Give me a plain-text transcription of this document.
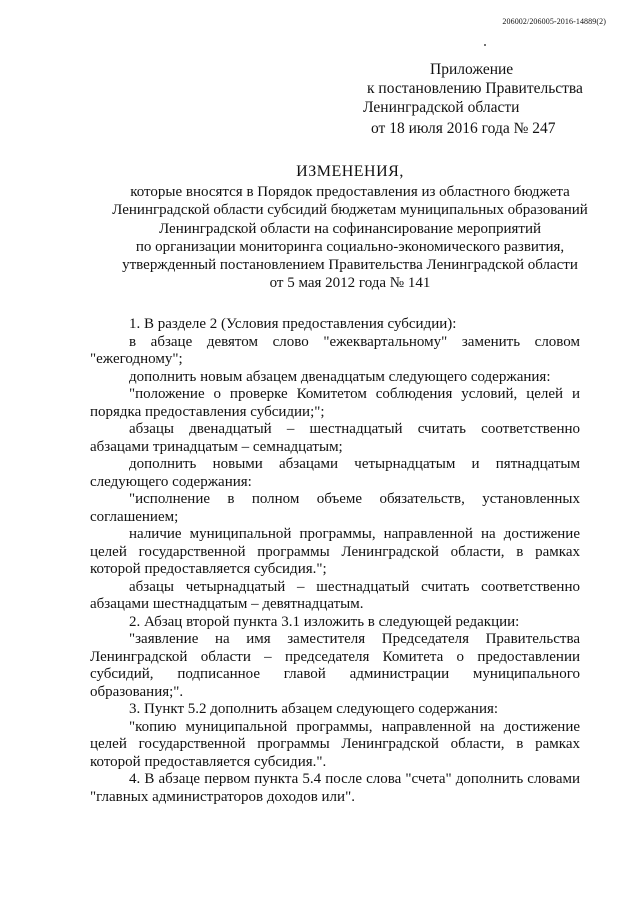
206002/206005-2016-14889(2)
Приложение
к постановлению Правительства
Ленинградской области
от 18 июля 2016 года № 247
ИЗМЕНЕНИЯ,
которые вносятся в Порядок предоставления из областного бюджета
Ленинградской области субсидий бюджетам муниципальных образований
Ленинградской области на софинансирование мероприятий
по организации мониторинга социально-экономического развития,
утвержденный постановлением Правительства Ленинградской области
от 5 мая 2012 года № 141

1. В разделе 2 (Условия предоставления субсидии):

в абзаце девятом слово "ежеквартальному" заменить словом "ежегодному";

дополнить новым абзацем двенадцатым следующего содержания:

"положение о проверке Комитетом соблюдения условий, целей и порядка предоставления субсидии;";

абзацы двенадцатый – шестнадцатый считать соответственно абзацами тринадцатым – семнадцатым;

дополнить новыми абзацами четырнадцатым и пятнадцатым следующего содержания:

"исполнение в полном объеме обязательств, установленных соглашением;

наличие муниципальной программы, направленной на достижение целей государственной программы Ленинградской области, в рамках которой предоставляется субсидия.";

абзацы четырнадцатый – шестнадцатый считать соответственно абзацами шестнадцатым – девятнадцатым.

2. Абзац второй пункта 3.1 изложить в следующей редакции:

"заявление на имя заместителя Председателя Правительства Ленинградской области – председателя Комитета о предоставлении субсидий, подписанное главой администрации муниципального образования;".

3. Пункт 5.2 дополнить абзацем следующего содержания:

"копию муниципальной программы, направленной на достижение целей государственной программы Ленинградской области, в рамках которой предоставляется субсидия.".

4. В абзаце первом пункта 5.4 после слова "счета" дополнить словами "главных администраторов доходов или".
